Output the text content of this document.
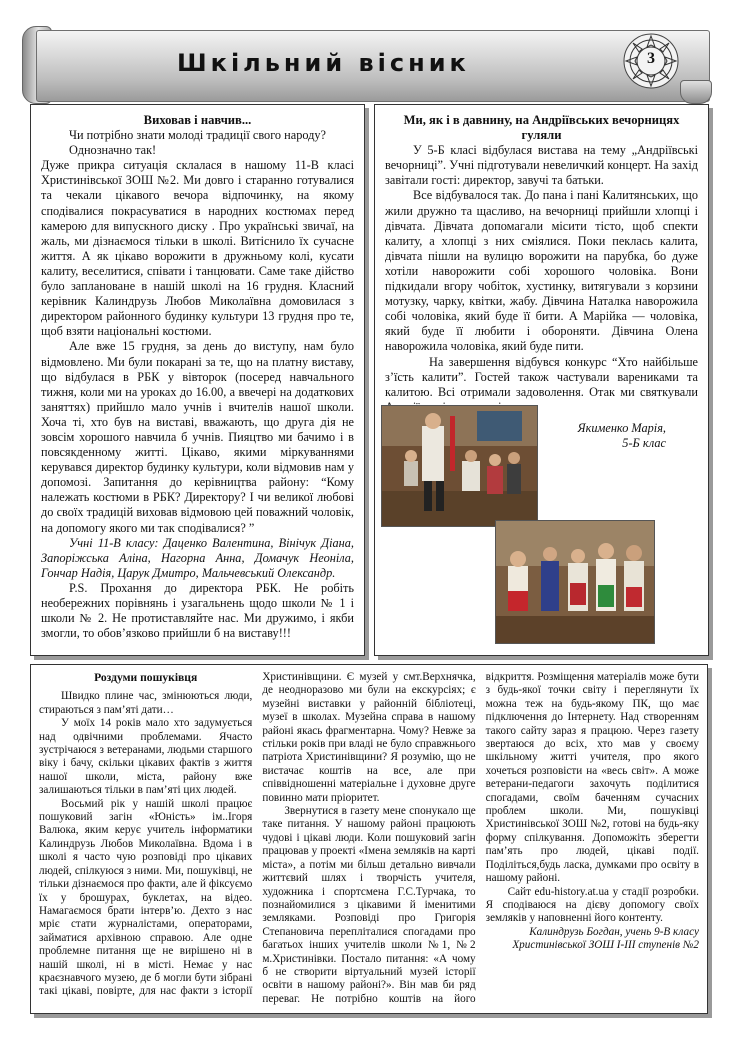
Шкільний вісник	3

Виховав і навчив...

Чи потрібно знати молоді традиції свого народу?

Однозначно так!

Дуже прикра ситуація склалася в нашому 11-В класі Христинівської ЗОШ №2. Ми довго і старанно готувалися та чекали цікавого вечора відпочинку, на якому сподівалися покрасуватися в народних костюмах перед камерою для випускного диску . Про українські звичаї, на жаль, ми дізнаємося тільки в школі. Витіснило їх сучасне життя. А як цікаво ворожити в дружньому колі, кусати калиту, веселитися, співати і танцювати. Саме таке дійство було заплановане в нашій школі на 16 грудня. Класний керівник Калиндрузь Любов Миколаївна домовилася з директором районного будинку культури 13 грудня про те, щоб взяти національні костюми.

Але вже 15 грудня, за день до виступу, нам було відмовлено. Ми були покарані за те, що на платну виставу, що відбулася в РБК у вівторок (посеред навчального тижня, коли ми на уроках до 16.00, а ввечері на додаткових заняттях) прийшло мало учнів і вчителів нашої школи. Хоча ті, хто був на виставі, вважають, що друга дія не зовсім хорошого навчила б учнів. Пияцтво ми бачимо і в повсякденному житті. Цікаво, якими міркуваннями керувався директор будинку культури, коли відмовив нам у допомозі. Запитання до керівництва району: “Кому належать костюми в РБК? Директору? І чи великої любові до своїх традицій виховав відмовою цей поважний чоловік, на допомогу якого ми так сподівалися? ”

Учні 11-В класу: Даценко Валентина, Вінічук Діана, Запоріжська Аліна, Нагорна Анна, Домачук Неоніла, Гончар Надія, Царук Дмитро, Мальчевський Олександр.

P.S. Прохання до директора РБК. Не робіть необережних порівнянь і узагальнень щодо школи № 1 і школи № 2. Не протиставляйте нас. Ми дружимо, і якби змогли, то обов’язково прийшли б на виставу!!!

Ми, як і в давнину, на Андріївських вечорницях гуляли

У 5-Б класі відбулася вистава на тему „Андріївські вечорниці”. Учні підготували невеличкий концерт. На захід завітали гості: директор, завучі та батьки.

Все відбувалося так. До пана і пані Калитянських, що жили дружно та щасливо, на вечорниці прийшли хлопці і дівчата. Дівчата допомагали місити тісто, щоб спекти калиту, а хлопці з них сміялися. Поки пеклась калита, дівчата пішли на вулицю ворожити на парубка, бо дуже хотіли наворожити собі хорошого чоловіка. Вони підкидали вгору чобіток, хустинку, витягували з корзини мотузку, чарку, квітки, жабу. Дівчина Наталка наворожила собі чоловіка, який буде її бити. А Марійка — чоловіка, який буде її любити і обороняти. Дівчина Олена наворожила чоловіка, який буде пити.

На завершення відбувся конкурс “Хто найбільше з’їсть калити”. Гостей також частували варениками та калитою. Всі отримали задоволення. Отак ми святкували

Якименко Марія,

5-Б клас

Роздуми пошуківця

Швидко плине час, змінюються люди, стираються з пам’яті дати…

У моїх 14 років мало хто задумується над одвічними проблемами. Ячасто зустрічаюся з ветеранами, людьми старшого віку і бачу, скільки цікавих фактів з життя нашої школи, міста, району вже залишаються тільки в пам’яті цих людей.

Восьмий рік у нашій школі працює пошуковий загін «Юність» ім..Ігоря Валюка, яким керує учитель інформатики Калиндрузь Любов Миколаївна. Вдома і в школі я часто чую розповіді про цікавих людей, спілкуюся з ними. Ми, пошуківці, не тільки дізнаємося про факти, але й фіксуємо їх у брошурах, буклетах, на відео. Намагаємося брати інтерв’ю. Дехто з нас мріє стати журналістами, операторами, займатися архівною справою. Але одне проблемне питання ще не вирішено ні в нашій школі, ні в місті. Немає у нас краєзнавчого музею, де б могли бути зібрані такі цікаві, повірте, для нас факти з історії Христинівщини. Є музей у смт.Верхнячка, де неодноразово ми були на екскурсіях; є музейні виставки у районній бібліотеці, музеї в школах. Музейна справа в нашому районі якась фрагментарна. Чому? Невже за стільки років при владі не було справжнього патріота Христинівщини? Я розумію, що не вистачає коштів на все, але при співвідношенні матеріальне і духовне друге повинно мати пріоритет.

Звернутися в газету мене спонукало ще таке питання. У нашому районі працюють чудові і цікаві люди. Коли пошуковий загін працював у проекті «Імена земляків на карті міста», а потім ми більш детально вивчали життєвий шлях і творчість учителя, художника і спортсмена Г.С.Турчака, то познайомилися з цікавими й іменитими земляками. Розповіді про Григорія Степановича перепліталися спогадами про багатьох інших учителів школи №1, №2 м.Христинівки. Постало питання: «А чому б не створити віртуальний музей історії освіти в нашому районі?». Він мав би ряд переваг. Не потрібно коштів на його відкриття. Розміщення матеріалів може бути з будь-якої точки світу і переглянути їх можна теж на будь-якому ПК, що має підключення до Інтернету. Над створенням такого сайту зараз я працюю. Через газету звертаюся до всіх, хто мав у своєму шкільному житті учителя, про якого хочеться розповісти на «весь світ». А може ветерани-педагоги захочуть поділитися спогадами, своїм баченням сучасних проблем школи. Ми, пошуківці Христинівської ЗОШ №2, готові на будь-яку форму спілкування. Допоможіть зберегти пам’ять про людей, цікаві події. Поділіться,будь ласка, думками про освіту в нашому районі.

Сайт edu-history.at.ua у стадії розробки. Я сподіваюся на дієву допомогу своїх земляків у наповненні його контенту.

Калиндрузь Богдан, учень 9-В класу

Христинівської ЗОШ І-ІІІ ступенів №2
